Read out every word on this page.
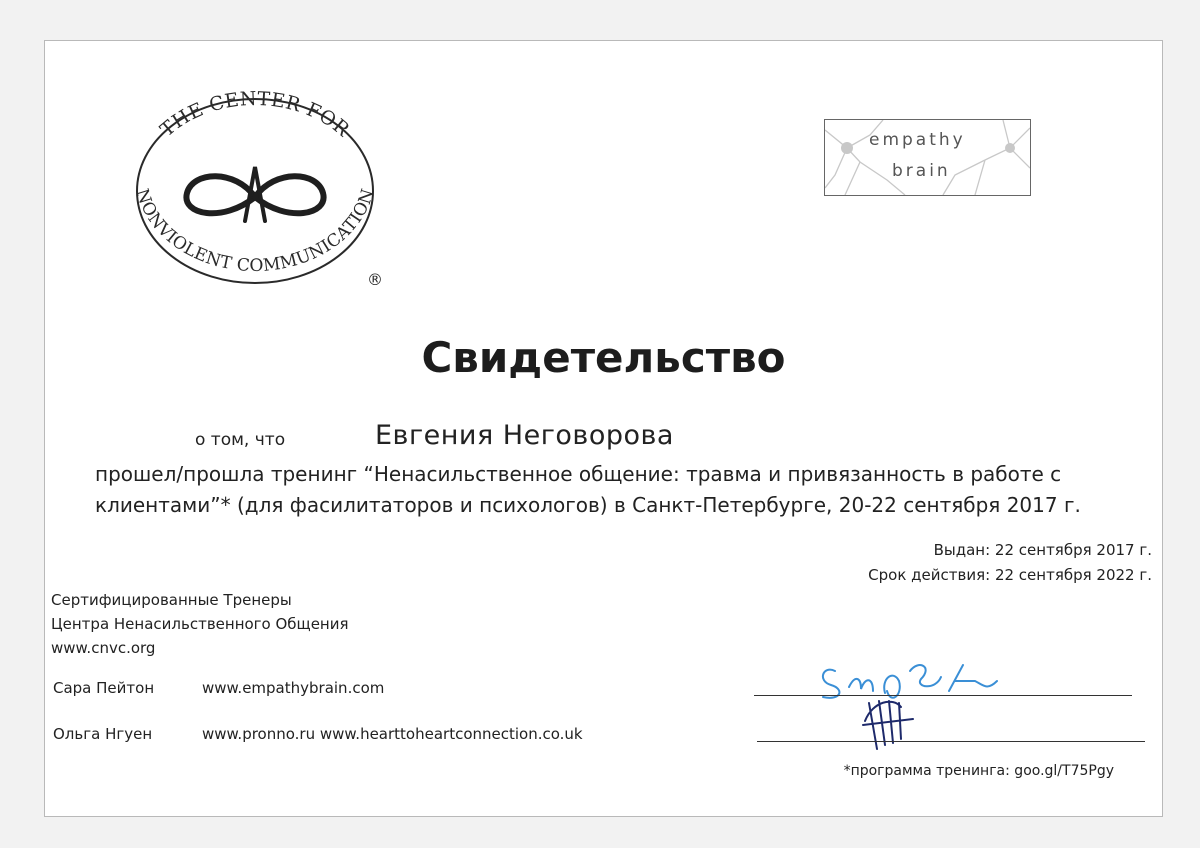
THE CENTER FOR
NONVIOLENT COMMUNICATION
®
empathy
brain
Свидетельство
о том, что	Евгения Неговорова
прошел/прошла тренинг “Ненасильственное общение: травма и привязанность в работе с клиентами”* (для фасилитаторов и психологов) в Санкт-Петербурге, 20-22 сентября 2017 г.
Выдан: 22 сентября 2017 г.
Срок действия: 22 сентября 2022 г.
Сертифицированные Тренеры
Центра Ненасильственного Общения
www.cnvc.org
Сара Пейтон	www.empathybrain.com
Ольга Нгуен	www.pronno.ru www.hearttoheartconnection.co.uk
*программа тренинга: goo.gl/T75Pgy
